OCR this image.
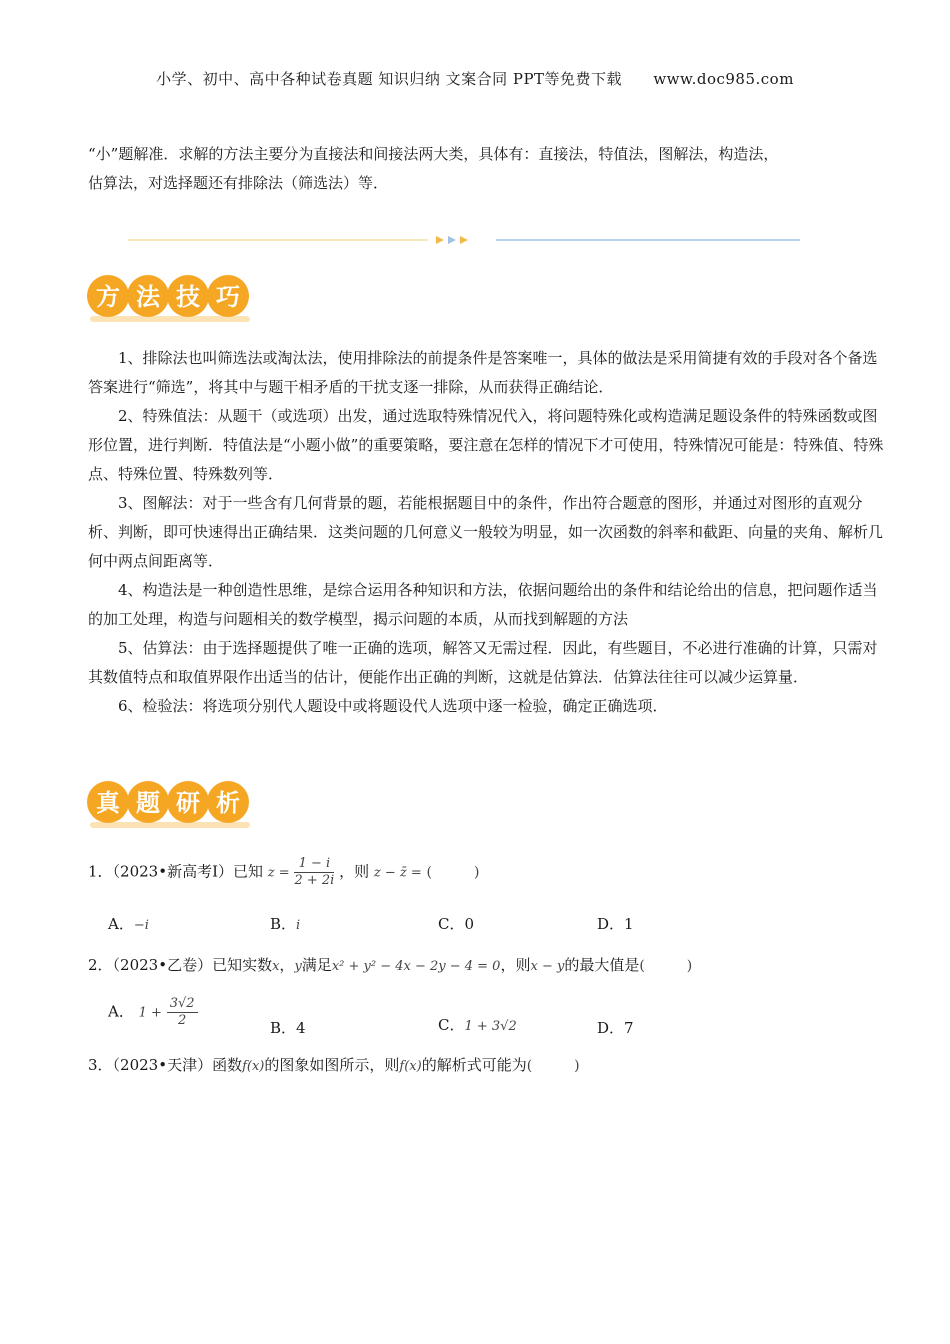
小学、初中、高中各种试卷真题 知识归纳 文案合同 PPT等免费下载 www.doc985.com
“小”题解准．求解的方法主要分为直接法和间接法两大类，具体有：直接法，特值法，图解法，构造法，
估算法，对选择题还有排除法（筛选法）等．
方 法 技 巧

1、排除法也叫筛选法或淘汰法，使用排除法的前提条件是答案唯一，具体的做法是采用简捷有效的手段对各个备选答案进行“筛选”，将其中与题干相矛盾的干扰支逐一排除，从而获得正确结论．

2、特殊值法：从题干（或选项）出发，通过选取特殊情况代入，将问题特殊化或构造满足题设条件的特殊函数或图形位置，进行判断．特值法是“小题小做”的重要策略，要注意在怎样的情况下才可使用，特殊情况可能是：特殊值、特殊点、特殊位置、特殊数列等．

3、图解法：对于一些含有几何背景的题，若能根据题目中的条件，作出符合题意的图形，并通过对图形的直观分析、判断，即可快速得出正确结果．这类问题的几何意义一般较为明显，如一次函数的斜率和截距、向量的夹角、解析几何中两点间距离等．

4、构造法是一种创造性思维，是综合运用各种知识和方法，依据问题给出的条件和结论给出的信息，把问题作适当的加工处理，构造与问题相关的数学模型，揭示问题的本质，从而找到解题的方法

5、估算法：由于选择题提供了唯一正确的选项，解答又无需过程．因此，有些题目，不必进行准确的计算，只需对其数值特点和取值界限作出适当的估计，便能作出正确的判断，这就是估算法．估算法往往可以减少运算量．

6、检验法：将选项分别代人题设中或将题设代人选项中逐一检验，确定正确选项．

真 题 研 析
1．（2023•新高考Ⅰ）已知 $z = \frac{1 - i}{2 + 2i}$ ，则 z − z̄ = (　　　)
A．−i	B．i	C．0	D．1
2．（2023•乙卷）已知实数x，y满足x² + y² − 4x − 2y − 4 = 0，则x − y的最大值是(　　　)
A． $1 + \frac{3√2}{2}$	B．4	C．1 + 3√2	D．7
3．（2023•天津）函数f(x)的图象如图所示，则f(x)的解析式可能为(　　　)
